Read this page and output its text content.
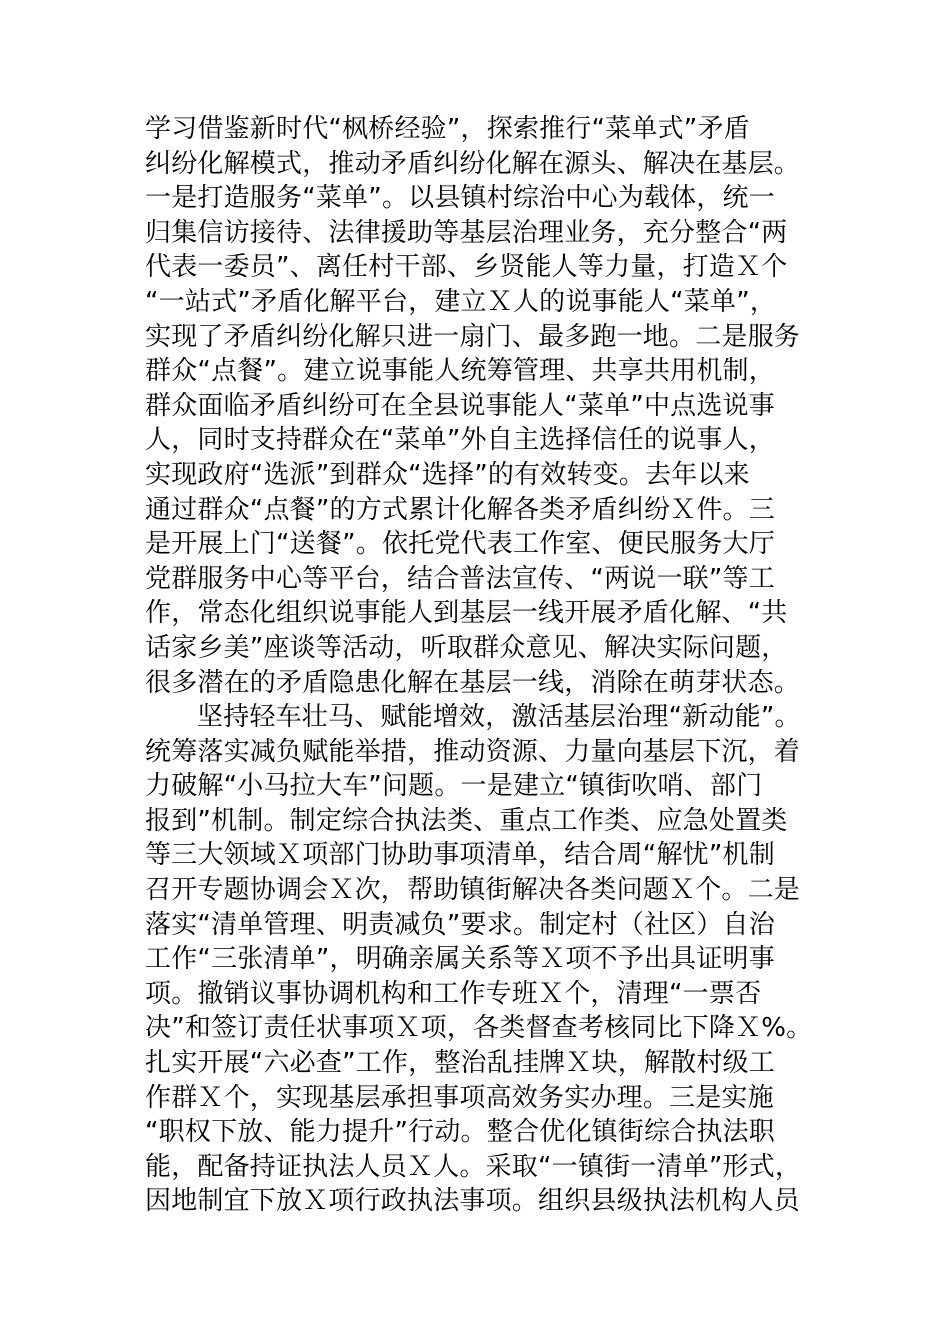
学习借鉴新时代“枫桥经验”，探索推行“菜单式”矛盾
纠纷化解模式，推动矛盾纠纷化解在源头、解决在基层。
一是打造服务“菜单”。以县镇村综治中心为载体，统一
归集信访接待、法律援助等基层治理业务，充分整合“两
代表一委员”、离任村干部、乡贤能人等力量，打造Ｘ个
“一站式”矛盾化解平台，建立Ｘ人的说事能人“菜单”，
实现了矛盾纠纷化解只进一扇门、最多跑一地。二是服务
群众“点餐”。建立说事能人统筹管理、共享共用机制，
群众面临矛盾纠纷可在全县说事能人“菜单”中点选说事
人，同时支持群众在“菜单”外自主选择信任的说事人，
实现政府“选派”到群众“选择”的有效转变。去年以来
通过群众“点餐”的方式累计化解各类矛盾纠纷Ｘ件。三
是开展上门“送餐”。依托党代表工作室、便民服务大厅
党群服务中心等平台，结合普法宣传、“两说一联”等工
作，常态化组织说事能人到基层一线开展矛盾化解、“共
话家乡美”座谈等活动，听取群众意见、解决实际问题，
很多潜在的矛盾隐患化解在基层一线，消除在萌芽状态。
坚持轻车壮马、赋能增效，激活基层治理“新动能”。
统筹落实减负赋能举措，推动资源、力量向基层下沉，着
力破解“小马拉大车”问题。一是建立“镇街吹哨、部门
报到”机制。制定综合执法类、重点工作类、应急处置类
等三大领域Ｘ项部门协助事项清单，结合周“解忧”机制
召开专题协调会Ｘ次，帮助镇街解决各类问题Ｘ个。二是
落实“清单管理、明责减负”要求。制定村（社区）自治
工作“三张清单”，明确亲属关系等Ｘ项不予出具证明事
项。撤销议事协调机构和工作专班Ｘ个，清理“一票否
决”和签订责任状事项Ｘ项，各类督查考核同比下降Ｘ%。
扎实开展“六必查”工作，整治乱挂牌Ｘ块，解散村级工
作群Ｘ个，实现基层承担事项高效务实办理。三是实施
“职权下放、能力提升”行动。整合优化镇街综合执法职
能，配备持证执法人员Ｘ人。采取“一镇街一清单”形式，
因地制宜下放Ｘ项行政执法事项。组织县级执法机构人员
